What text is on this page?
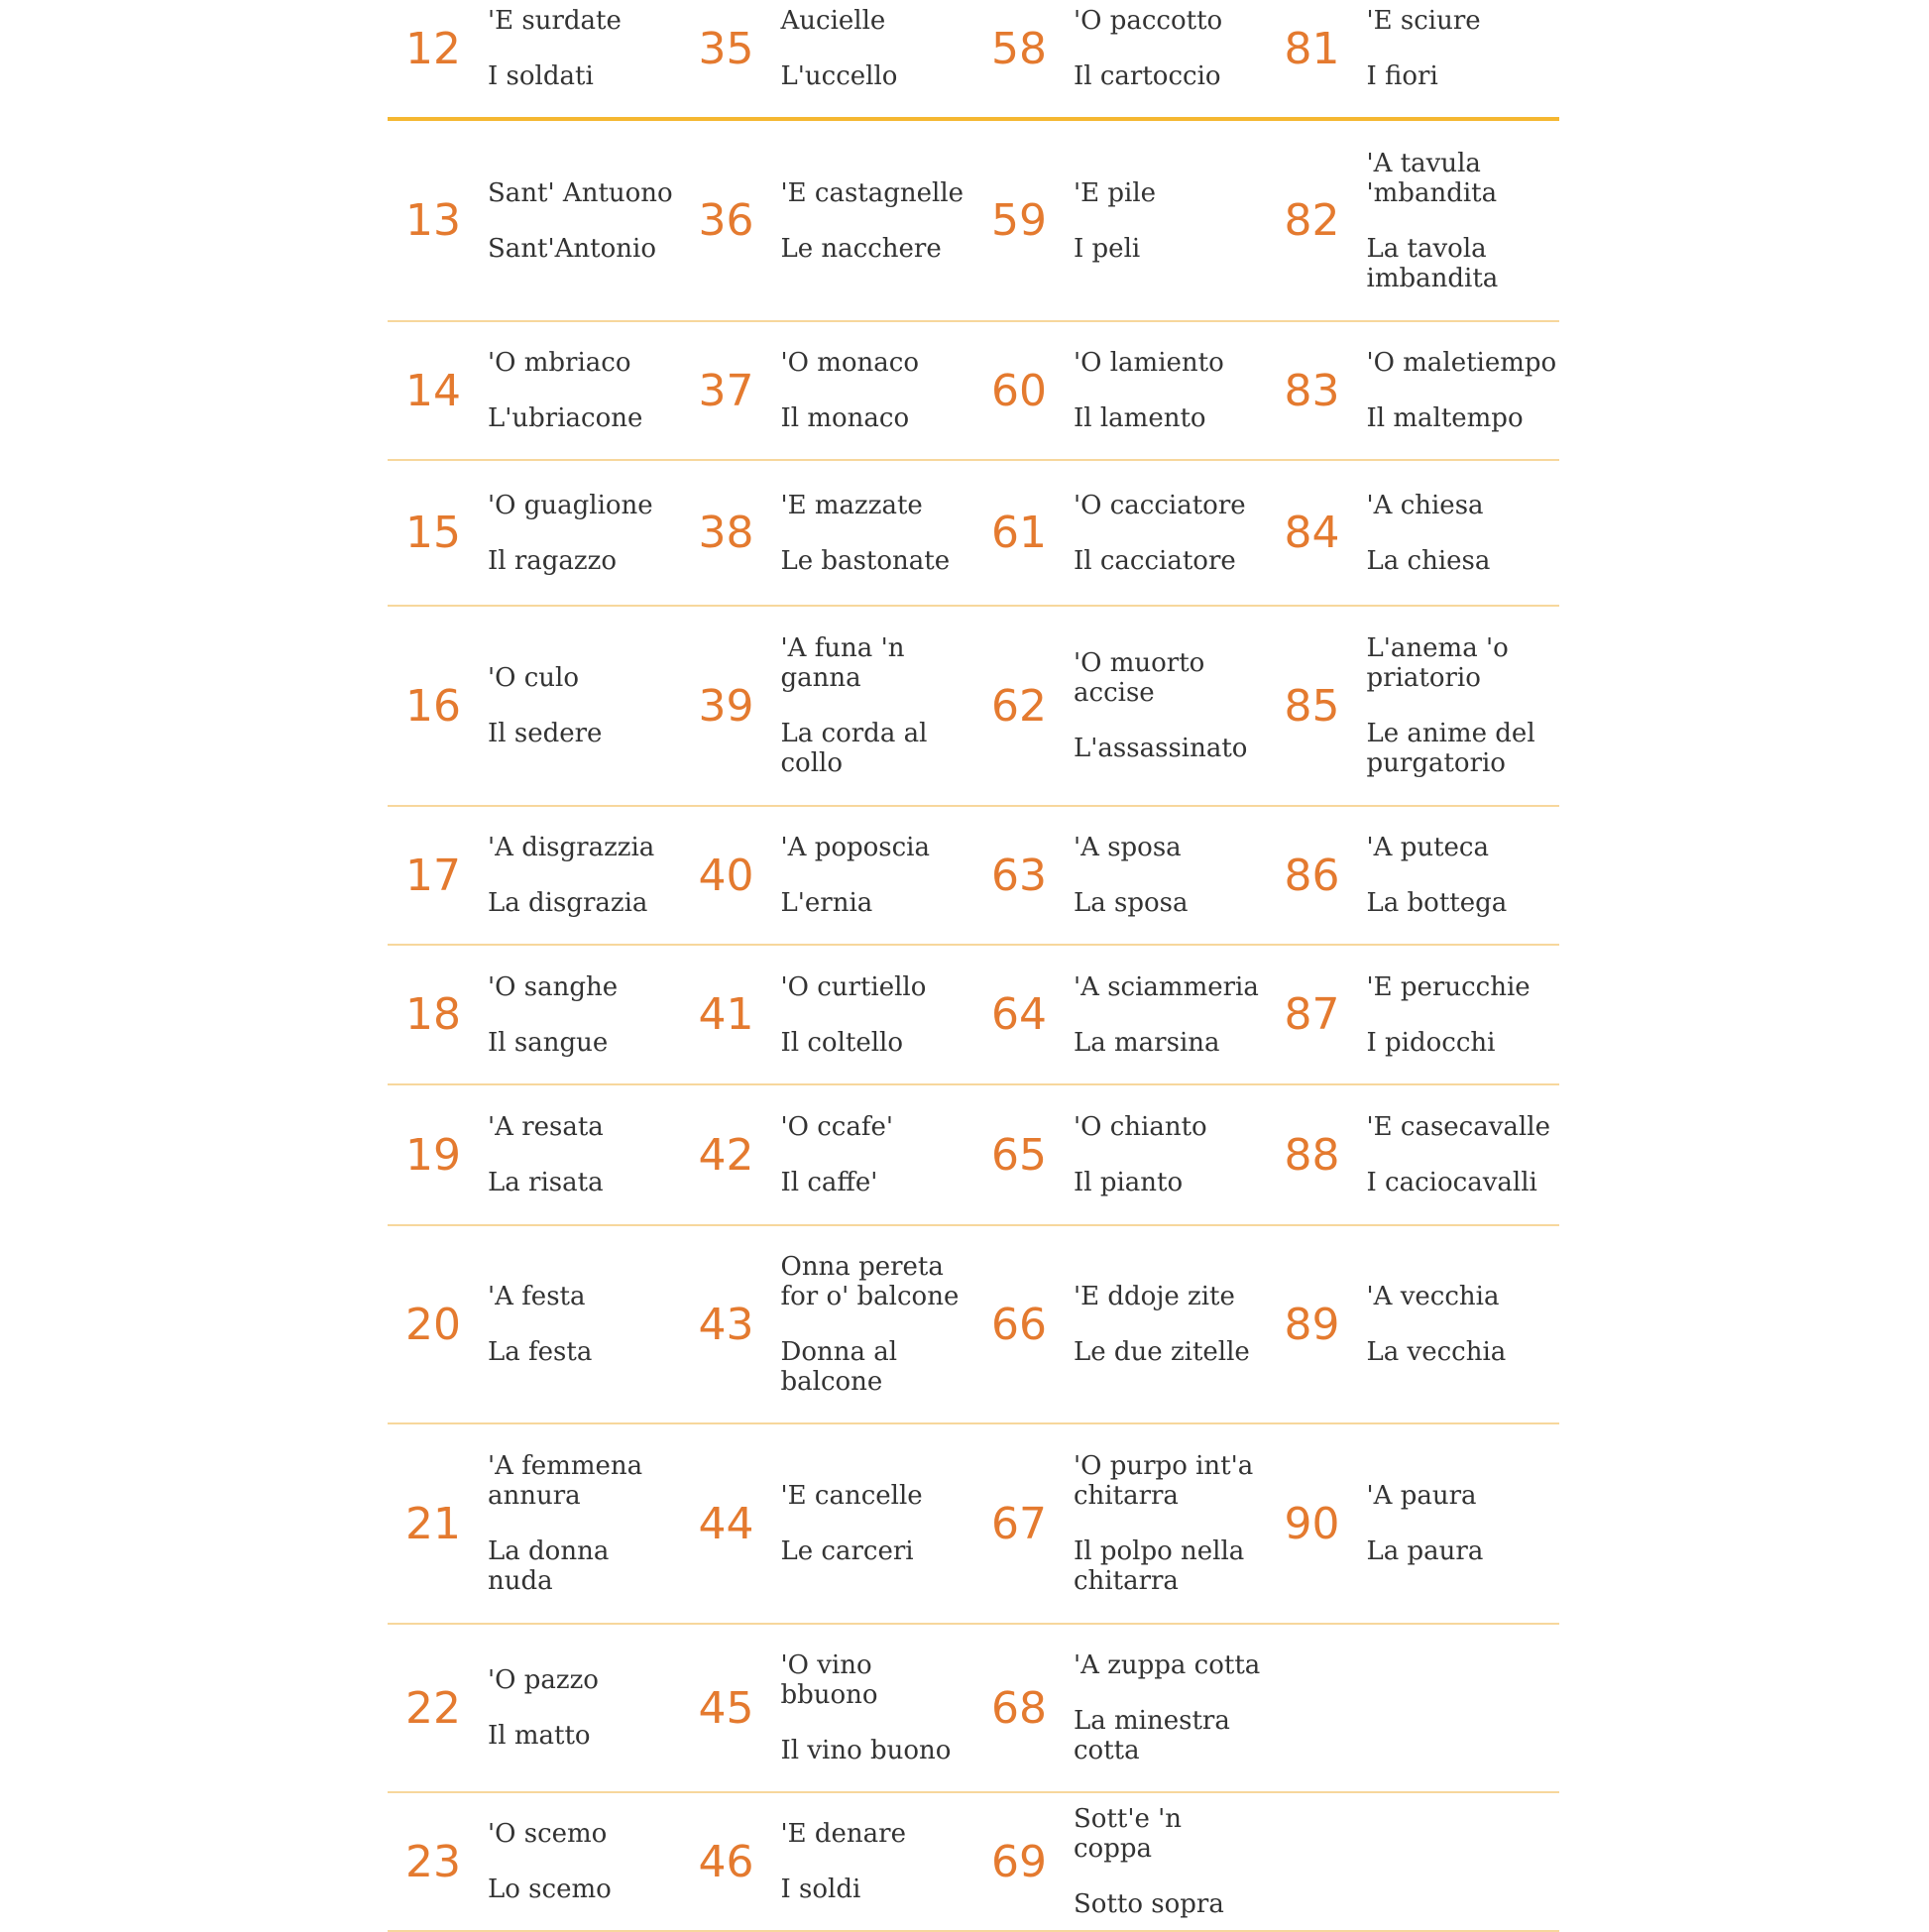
12
'E surdate
I soldati
35
Aucielle
L'uccello
58
'O paccotto
Il cartoccio
81
'E sciure
I fiori
13
Sant' Antuono
Sant'Antonio
36
'E castagnelle
Le nacchere
59
'E pile
I peli
82
'A tavula
'mbandita
La tavola
imbandita
14
'O mbriaco
L'ubriacone
37
'O monaco
Il monaco
60
'O lamiento
Il lamento
83
'O maletiempo
Il maltempo
15
'O guaglione
Il ragazzo
38
'E mazzate
Le bastonate
61
'O cacciatore
Il cacciatore
84
'A chiesa
La chiesa
16
'O culo
Il sedere
39
'A funa 'n
ganna
La corda al
collo
62
'O muorto
accise
L'assassinato
85
L'anema 'o
priatorio
Le anime del
purgatorio
17
'A disgrazzia
La disgrazia
40
'A poposcia
L'ernia
63
'A sposa
La sposa
86
'A puteca
La bottega
18
'O sanghe
Il sangue
41
'O curtiello
Il coltello
64
'A sciammeria
La marsina
87
'E perucchie
I pidocchi
19
'A resata
La risata
42
'O ccafe'
Il caffe'
65
'O chianto
Il pianto
88
'E casecavalle
I caciocavalli
20
'A festa
La festa
43
Onna pereta
for o' balcone
Donna al
balcone
66
'E ddoje zite
Le due zitelle
89
'A vecchia
La vecchia
21
'A femmena
annura
La donna nuda
44
'E cancelle
Le carceri
67
'O purpo int'a
chitarra
Il polpo nella
chitarra
90
'A paura
La paura
22
'O pazzo
Il matto
45
'O vino
bbuono
Il vino buono
68
'A zuppa cotta
La minestra
cotta
23
'O scemo
Lo scemo
46
'E denare
I soldi
69
Sott'e 'n coppa
Sotto sopra
